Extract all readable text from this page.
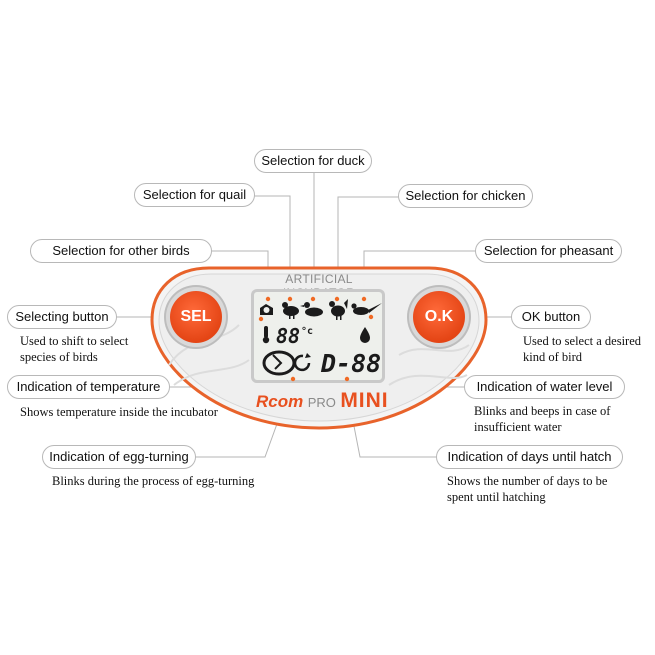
ARTIFICIAL
SEL	O.K
88 °c
D-88
Rcom PRO MINI
Selection for duck
Selection for quail	Selection for chicken
Selection for other birds	Selection for pheasant
Selecting button	OK button
Indication of temperature	Indication of water level
Indication of egg-turning	Indication of days until hatch
Used to shift to select
species of birds
Used to select a desired
kind of bird
Shows temperature inside the incubator	Blinks and beeps in case of
insufficient water
Blinks during the process of egg-turning	Shows the number of days to be
spent until hatching
